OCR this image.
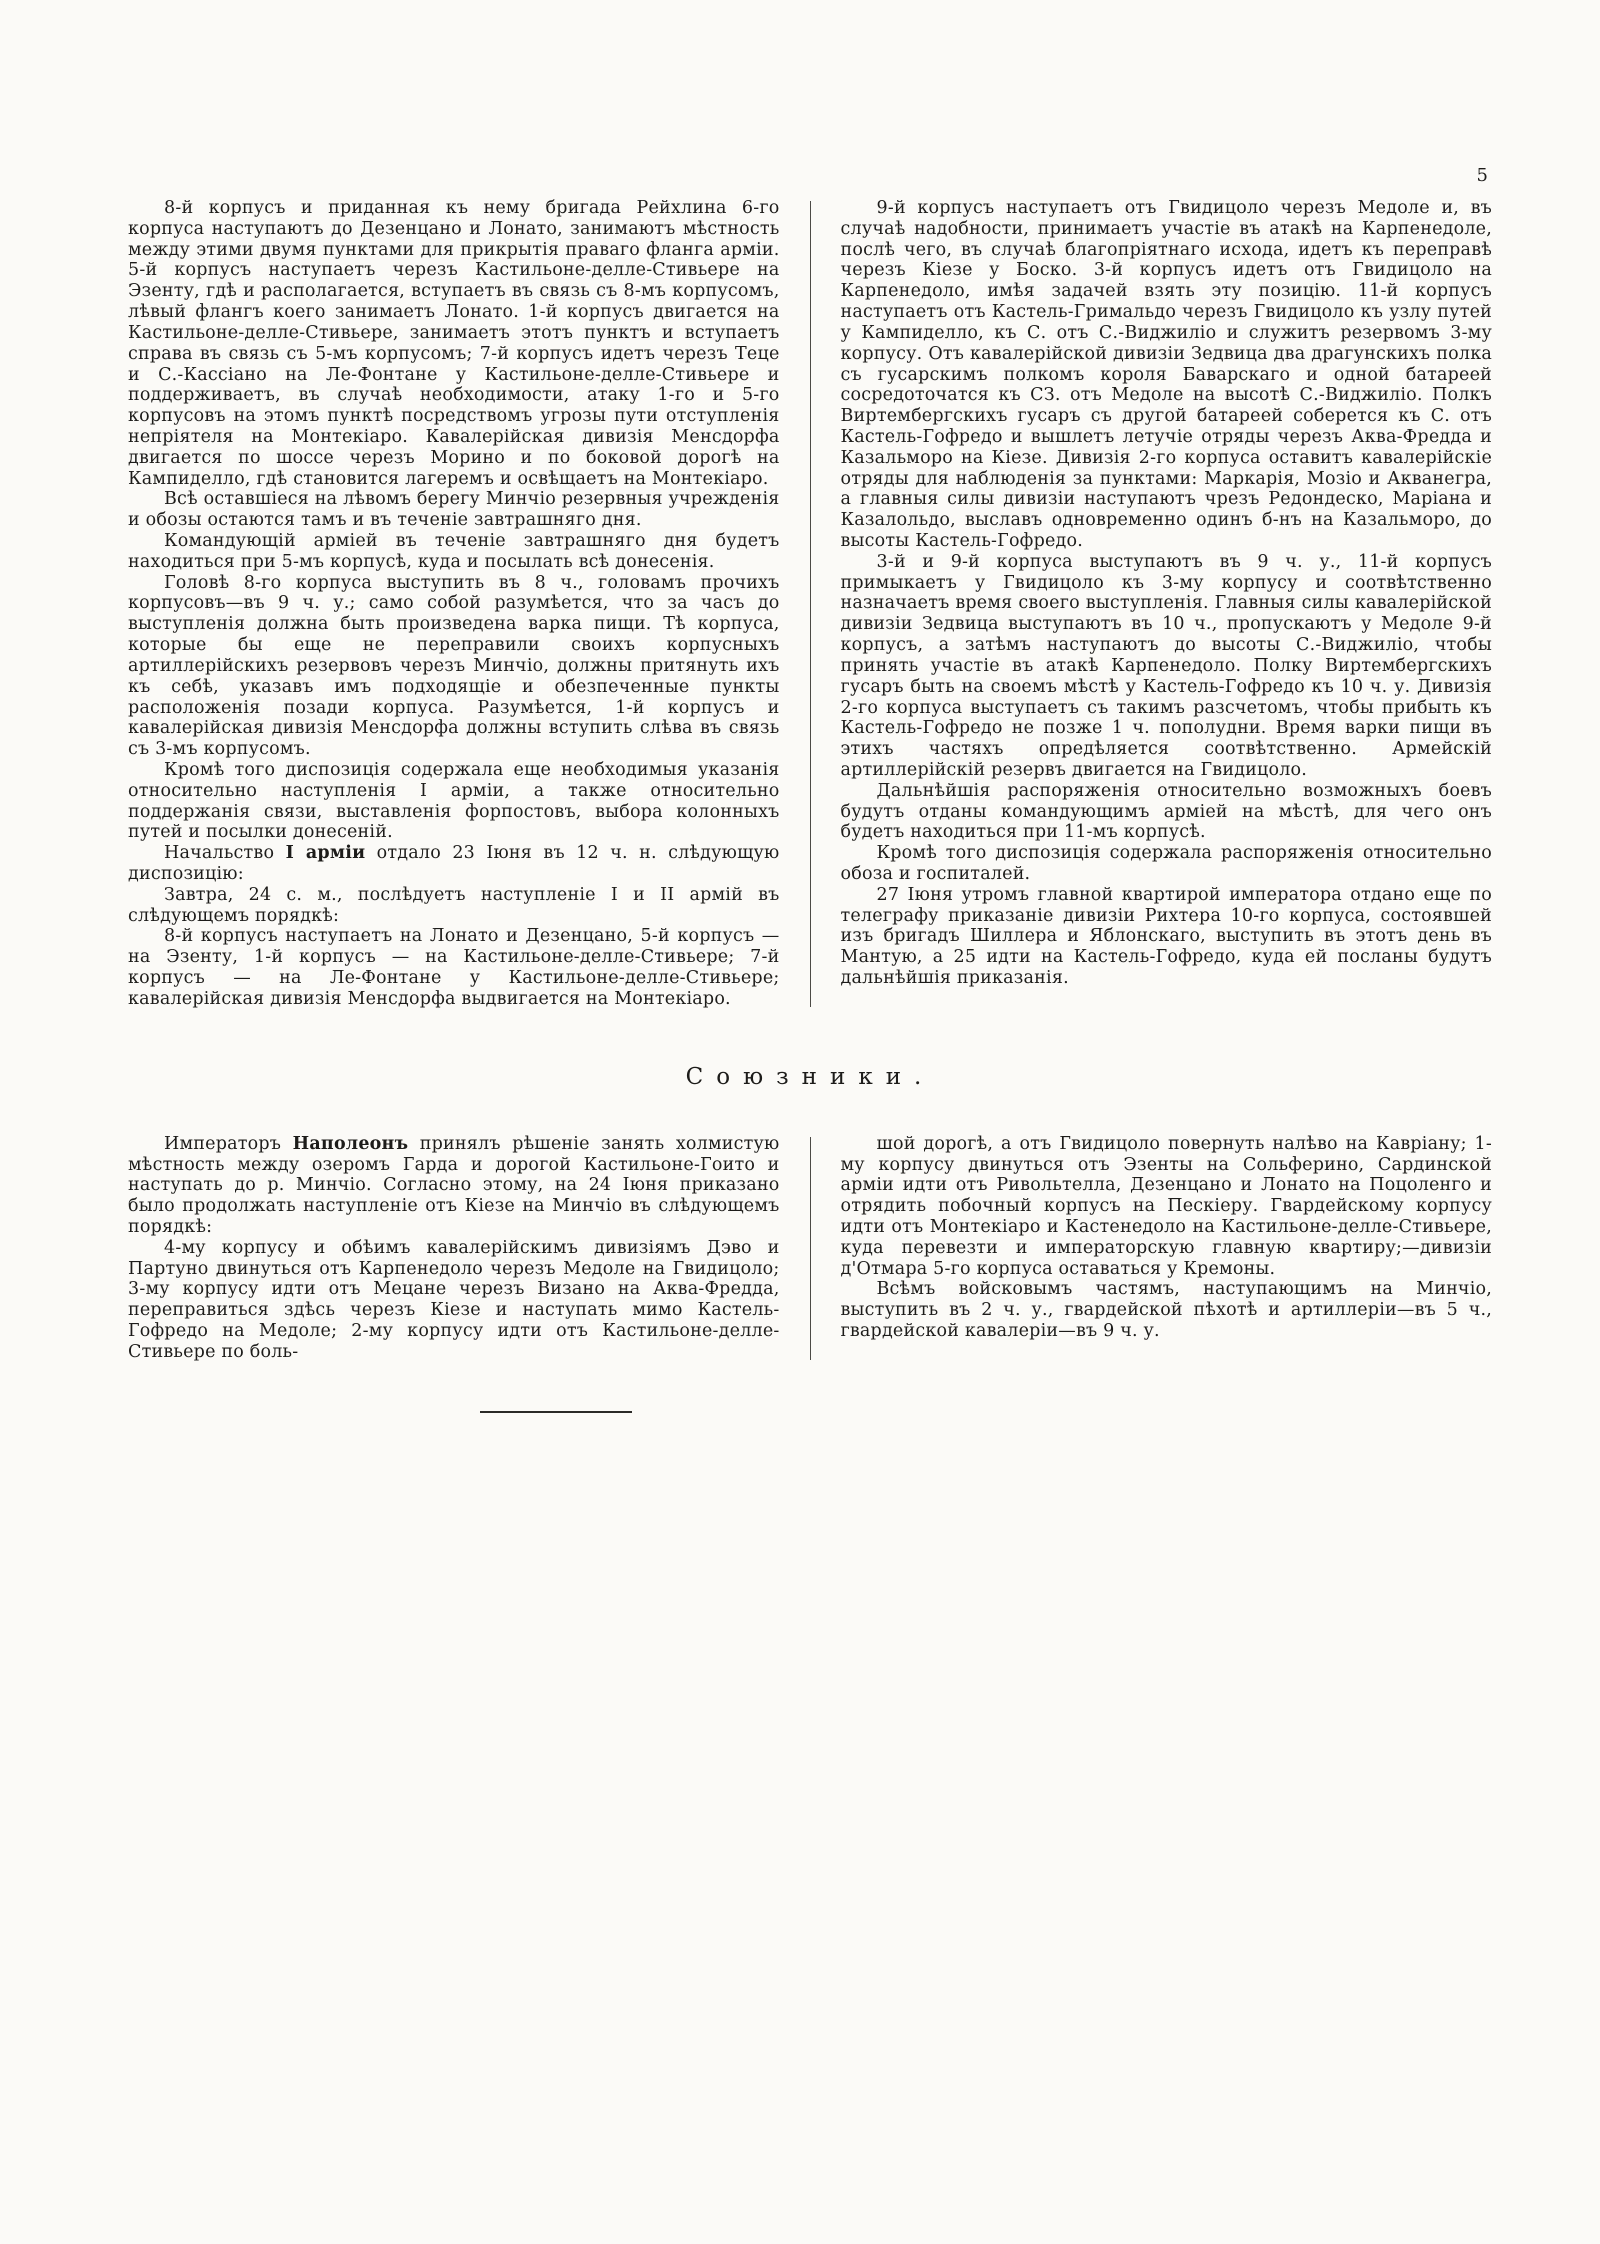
5

8-й корпусъ и приданная къ нему бригада Рейхлина 6-го корпуса наступаютъ до Дезенцано и Лонато, занимаютъ мѣстность между этими двумя пунктами для прикрытія праваго фланга арміи. 5-й корпусъ наступаетъ черезъ Кастильоне-делле-Стивьере на Эзенту, гдѣ и располагается, вступаетъ въ связь съ 8-мъ корпусомъ, лѣвый флангъ коего занимаетъ Лонато. 1-й корпусъ двигается на Кастильоне-делле-Стивьере, занимаетъ этотъ пунктъ и вступаетъ справа въ связь съ 5-мъ корпусомъ; 7-й корпусъ идетъ черезъ Теце и С.-Кассіано на Ле-Фонтане у Кастильоне-делле-Стивьере и поддерживаетъ, въ случаѣ необходимости, атаку 1-го и 5-го корпусовъ на этомъ пунктѣ посредствомъ угрозы пути отступленія непріятеля на Монтекіаро. Кавалерійская дивизія Менсдорфа двигается по шоссе черезъ Морино и по боковой дорогѣ на Кампиделло, гдѣ становится лагеремъ и освѣщаетъ на Монтекіаро.

Всѣ оставшіеся на лѣвомъ берегу Минчіо резервныя учрежденія и обозы остаются тамъ и въ теченіе завтрашняго дня.

Командующій арміей въ теченіе завтрашняго дня будетъ находиться при 5-мъ корпусѣ, куда и посылать всѣ донесенія.

Головѣ 8-го корпуса выступить въ 8 ч., головамъ прочихъ корпусовъ—въ 9 ч. у.; само собой разумѣется, что за часъ до выступленія должна быть произведена варка пищи. Тѣ корпуса, которые бы еще не переправили своихъ корпусныхъ артиллерійскихъ резервовъ черезъ Минчіо, должны притянуть ихъ къ себѣ, указавъ имъ подходящіе и обезпеченные пункты расположенія позади корпуса. Разумѣется, 1-й корпусъ и кавалерійская дивизія Менсдорфа должны вступить слѣва въ связь съ 3-мъ корпусомъ.

Кромѣ того диспозиція содержала еще необходимыя указанія относительно наступленія I арміи, а также относительно поддержанія связи, выставленія форпостовъ, выбора колонныхъ путей и посылки донесеній.

Начальство I арміи отдало 23 Іюня въ 12 ч. н. слѣдующую диспозицію:

Завтра, 24 с. м., послѣдуетъ наступленіе I и II армій въ слѣдующемъ порядкѣ:

8-й корпусъ наступаетъ на Лонато и Дезенцано, 5-й корпусъ — на Эзенту, 1-й корпусъ — на Кастильоне-делле-Стивьере; 7-й корпусъ — на Ле-Фонтане у Кастильоне-делле-Стивьере; кавалерійская дивизія Менсдорфа выдвигается на Монтекіаро.

9-й корпусъ наступаетъ отъ Гвидицоло черезъ Медоле и, въ случаѣ надобности, принимаетъ участіе въ атакѣ на Карпенедоле, послѣ чего, въ случаѣ благопріятнаго исхода, идетъ къ переправѣ черезъ Кіезе у Боско. 3-й корпусъ идетъ отъ Гвидицоло на Карпенедоло, имѣя задачей взять эту позицію. 11-й корпусъ наступаетъ отъ Кастель-Гримальдо черезъ Гвидицоло къ узлу путей у Кампиделло, къ С. отъ С.-Виджиліо и служитъ резервомъ 3-му корпусу. Отъ кавалерійской дивизіи Зедвица два драгунскихъ полка съ гусарскимъ полкомъ короля Баварскаго и одной батареей сосредоточатся къ СЗ. отъ Медоле на высотѣ С.-Виджиліо. Полкъ Виртембергскихъ гусаръ съ другой батареей соберется къ С. отъ Кастель-Гофредо и вышлетъ летучіе отряды черезъ Аква-Фредда и Казальморо на Кіезе. Дивизія 2-го корпуса оставитъ кавалерійскіе отряды для наблюденія за пунктами: Маркарія, Мозіо и Акванегра, а главныя силы дивизіи наступаютъ чрезъ Редондеско, Маріана и Казалольдо, выславъ одновременно одинъ б-нъ на Казальморо, до высоты Кастель-Гофредо.

3-й и 9-й корпуса выступаютъ въ 9 ч. у., 11-й корпусъ примыкаетъ у Гвидицоло къ 3-му корпусу и соотвѣтственно назначаетъ время своего выступленія. Главныя силы кавалерійской дивизіи Зедвица выступаютъ въ 10 ч., пропускаютъ у Медоле 9-й корпусъ, а затѣмъ наступаютъ до высоты С.-Виджиліо, чтобы принять участіе въ атакѣ Карпенедоло. Полку Виртембергскихъ гусаръ быть на своемъ мѣстѣ у Кастель-Гофредо къ 10 ч. у. Дивизія 2-го корпуса выступаетъ съ такимъ разсчетомъ, чтобы прибыть къ Кастель-Гофредо не позже 1 ч. пополудни. Время варки пищи въ этихъ частяхъ опредѣляется соотвѣтственно. Армейскій артиллерійскій резервъ двигается на Гвидицоло.

Дальнѣйшія распоряженія относительно возможныхъ боевъ будутъ отданы командующимъ арміей на мѣстѣ, для чего онъ будетъ находиться при 11-мъ корпусѣ.

Кромѣ того диспозиція содержала распоряженія относительно обоза и госпиталей.

27 Іюня утромъ главной квартирой императора отдано еще по телеграфу приказаніе дивизіи Рихтера 10-го корпуса, состоявшей изъ бригадъ Шиллера и Яблонскаго, выступить въ этотъ день въ Мантую, а 25 идти на Кастель-Гофредо, куда ей посланы будутъ дальнѣйшія приказанія.

Союзники.

Императоръ Наполеонъ принялъ рѣшеніе занять холмистую мѣстность между озеромъ Гарда и дорогой Кастильоне-Гоито и наступать до р. Минчіо. Согласно этому, на 24 Іюня приказано было продолжать наступленіе отъ Кіезе на Минчіо въ слѣдующемъ порядкѣ:

4-му корпусу и обѣимъ кавалерійскимъ дивизіямъ Дэво и Партуно двинуться отъ Карпенедоло черезъ Медоле на Гвидицоло; 3-му корпусу идти отъ Мецане черезъ Визано на Аква-Фредда, переправиться здѣсь черезъ Кіезе и наступать мимо Кастель-Гофредо на Медоле; 2-му корпусу идти отъ Кастильоне-делле-Стивьере по боль-

шой дорогѣ, а отъ Гвидицоло повернуть налѣво на Кавріану; 1-му корпусу двинуться отъ Эзенты на Сольферино, Сардинской арміи идти отъ Ривольтелла, Дезенцано и Лонато на Поцоленго и отрядить побочный корпусъ на Пескіеру. Гвардейскому корпусу идти отъ Монтекіаро и Кастенедоло на Кастильоне-делле-Стивьере, куда перевезти и императорскую главную квартиру;—дивизіи д'Отмара 5-го корпуса оставаться у Кремоны.

Всѣмъ войсковымъ частямъ, наступающимъ на Минчіо, выступить въ 2 ч. у., гвардейской пѣхотѣ и артиллеріи—въ 5 ч., гвардейской кавалеріи—въ 9 ч. у.
